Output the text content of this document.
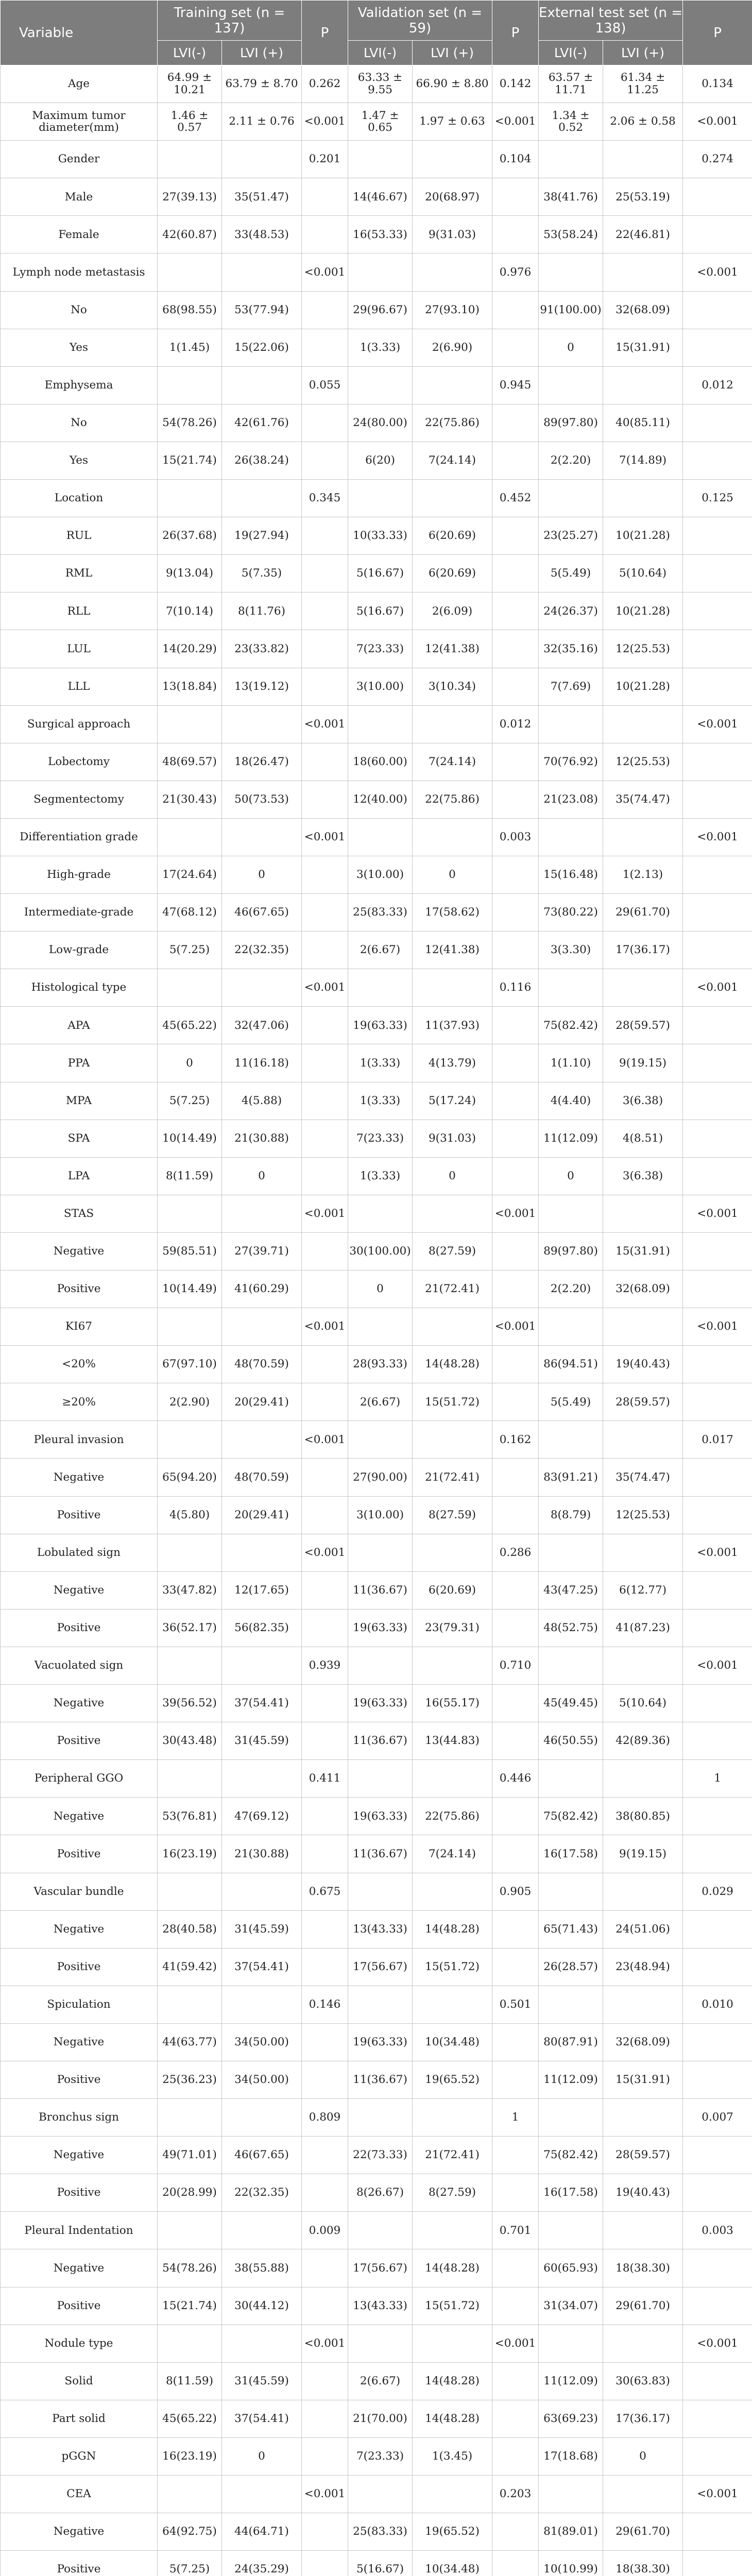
Variable	Training set (n = 137)		P	Validation set (n = 59)		P	External test set (n = 138)		P
	LVI(-)	LVI (+)		LVI(-)	LVI (+)		LVI(-)	LVI (+)	
Age	64.99 ± 10.21	63.79 ± 8.70	0.262	63.33 ± 9.55	66.90 ± 8.80	0.142	63.57 ± 11.71	61.34 ± 11.25	0.134
Maximum tumor diameter(mm)	1.46 ± 0.57	2.11 ± 0.76	<0.001	1.47 ± 0.65	1.97 ± 0.63	<0.001	1.34 ± 0.52	2.06 ± 0.58	<0.001
Gender			0.201			0.104			0.274
Male	27(39.13)	35(51.47)		14(46.67)	20(68.97)		38(41.76)	25(53.19)	
Female	42(60.87)	33(48.53)		16(53.33)	9(31.03)		53(58.24)	22(46.81)	
Lymph node metastasis			<0.001			0.976			<0.001
No	68(98.55)	53(77.94)		29(96.67)	27(93.10)		91(100.00)	32(68.09)	
Yes	1(1.45)	15(22.06)		1(3.33)	2(6.90)		0	15(31.91)	
Emphysema			0.055			0.945			0.012
No	54(78.26)	42(61.76)		24(80.00)	22(75.86)		89(97.80)	40(85.11)	
Yes	15(21.74)	26(38.24)		6(20)	7(24.14)		2(2.20)	7(14.89)	
Location			0.345			0.452			0.125
RUL	26(37.68)	19(27.94)		10(33.33)	6(20.69)		23(25.27)	10(21.28)	
RML	9(13.04)	5(7.35)		5(16.67)	6(20.69)		5(5.49)	5(10.64)	
RLL	7(10.14)	8(11.76)		5(16.67)	2(6.09)		24(26.37)	10(21.28)	
LUL	14(20.29)	23(33.82)		7(23.33)	12(41.38)		32(35.16)	12(25.53)	
LLL	13(18.84)	13(19.12)		3(10.00)	3(10.34)		7(7.69)	10(21.28)	
Surgical approach			<0.001			0.012			<0.001
Lobectomy	48(69.57)	18(26.47)		18(60.00)	7(24.14)		70(76.92)	12(25.53)	
Segmentectomy	21(30.43)	50(73.53)		12(40.00)	22(75.86)		21(23.08)	35(74.47)	
Differentiation grade			<0.001			0.003			<0.001
High-grade	17(24.64)	0		3(10.00)	0		15(16.48)	1(2.13)	
Intermediate-grade	47(68.12)	46(67.65)		25(83.33)	17(58.62)		73(80.22)	29(61.70)	
Low-grade	5(7.25)	22(32.35)		2(6.67)	12(41.38)		3(3.30)	17(36.17)	
Histological type			<0.001			0.116			<0.001
APA	45(65.22)	32(47.06)		19(63.33)	11(37.93)		75(82.42)	28(59.57)	
PPA	0	11(16.18)		1(3.33)	4(13.79)		1(1.10)	9(19.15)	
MPA	5(7.25)	4(5.88)		1(3.33)	5(17.24)		4(4.40)	3(6.38)	
SPA	10(14.49)	21(30.88)		7(23.33)	9(31.03)		11(12.09)	4(8.51)	
LPA	8(11.59)	0		1(3.33)	0		0	3(6.38)	
STAS			<0.001			<0.001			<0.001
Negative	59(85.51)	27(39.71)		30(100.00)	8(27.59)		89(97.80)	15(31.91)	
Positive	10(14.49)	41(60.29)		0	21(72.41)		2(2.20)	32(68.09)	
KI67			<0.001			<0.001			<0.001
<20%	67(97.10)	48(70.59)		28(93.33)	14(48.28)		86(94.51)	19(40.43)	
≥20%	2(2.90)	20(29.41)		2(6.67)	15(51.72)		5(5.49)	28(59.57)	
Pleural invasion			<0.001			0.162			0.017
Negative	65(94.20)	48(70.59)		27(90.00)	21(72.41)		83(91.21)	35(74.47)	
Positive	4(5.80)	20(29.41)		3(10.00)	8(27.59)		8(8.79)	12(25.53)	
Lobulated sign			<0.001			0.286			<0.001
Negative	33(47.82)	12(17.65)		11(36.67)	6(20.69)		43(47.25)	6(12.77)	
Positive	36(52.17)	56(82.35)		19(63.33)	23(79.31)		48(52.75)	41(87.23)	
Vacuolated sign			0.939			0.710			<0.001
Negative	39(56.52)	37(54.41)		19(63.33)	16(55.17)		45(49.45)	5(10.64)	
Positive	30(43.48)	31(45.59)		11(36.67)	13(44.83)		46(50.55)	42(89.36)	
Peripheral GGO			0.411			0.446			1
Negative	53(76.81)	47(69.12)		19(63.33)	22(75.86)		75(82.42)	38(80.85)	
Positive	16(23.19)	21(30.88)		11(36.67)	7(24.14)		16(17.58)	9(19.15)	
Vascular bundle			0.675			0.905			0.029
Negative	28(40.58)	31(45.59)		13(43.33)	14(48.28)		65(71.43)	24(51.06)	
Positive	41(59.42)	37(54.41)		17(56.67)	15(51.72)		26(28.57)	23(48.94)	
Spiculation			0.146			0.501			0.010
Negative	44(63.77)	34(50.00)		19(63.33)	10(34.48)		80(87.91)	32(68.09)	
Positive	25(36.23)	34(50.00)		11(36.67)	19(65.52)		11(12.09)	15(31.91)	
Bronchus sign			0.809			1			0.007
Negative	49(71.01)	46(67.65)		22(73.33)	21(72.41)		75(82.42)	28(59.57)	
Positive	20(28.99)	22(32.35)		8(26.67)	8(27.59)		16(17.58)	19(40.43)	
Pleural Indentation			0.009			0.701			0.003
Negative	54(78.26)	38(55.88)		17(56.67)	14(48.28)		60(65.93)	18(38.30)	
Positive	15(21.74)	30(44.12)		13(43.33)	15(51.72)		31(34.07)	29(61.70)	
Nodule type			<0.001			<0.001			<0.001
Solid	8(11.59)	31(45.59)		2(6.67)	14(48.28)		11(12.09)	30(63.83)	
Part solid	45(65.22)	37(54.41)		21(70.00)	14(48.28)		63(69.23)	17(36.17)	
pGGN	16(23.19)	0		7(23.33)	1(3.45)		17(18.68)	0	
CEA			<0.001			0.203			<0.001
Negative	64(92.75)	44(64.71)		25(83.33)	19(65.52)		81(89.01)	29(61.70)	
Positive	5(7.25)	24(35.29)		5(16.67)	10(34.48)		10(10.99)	18(38.30)	
